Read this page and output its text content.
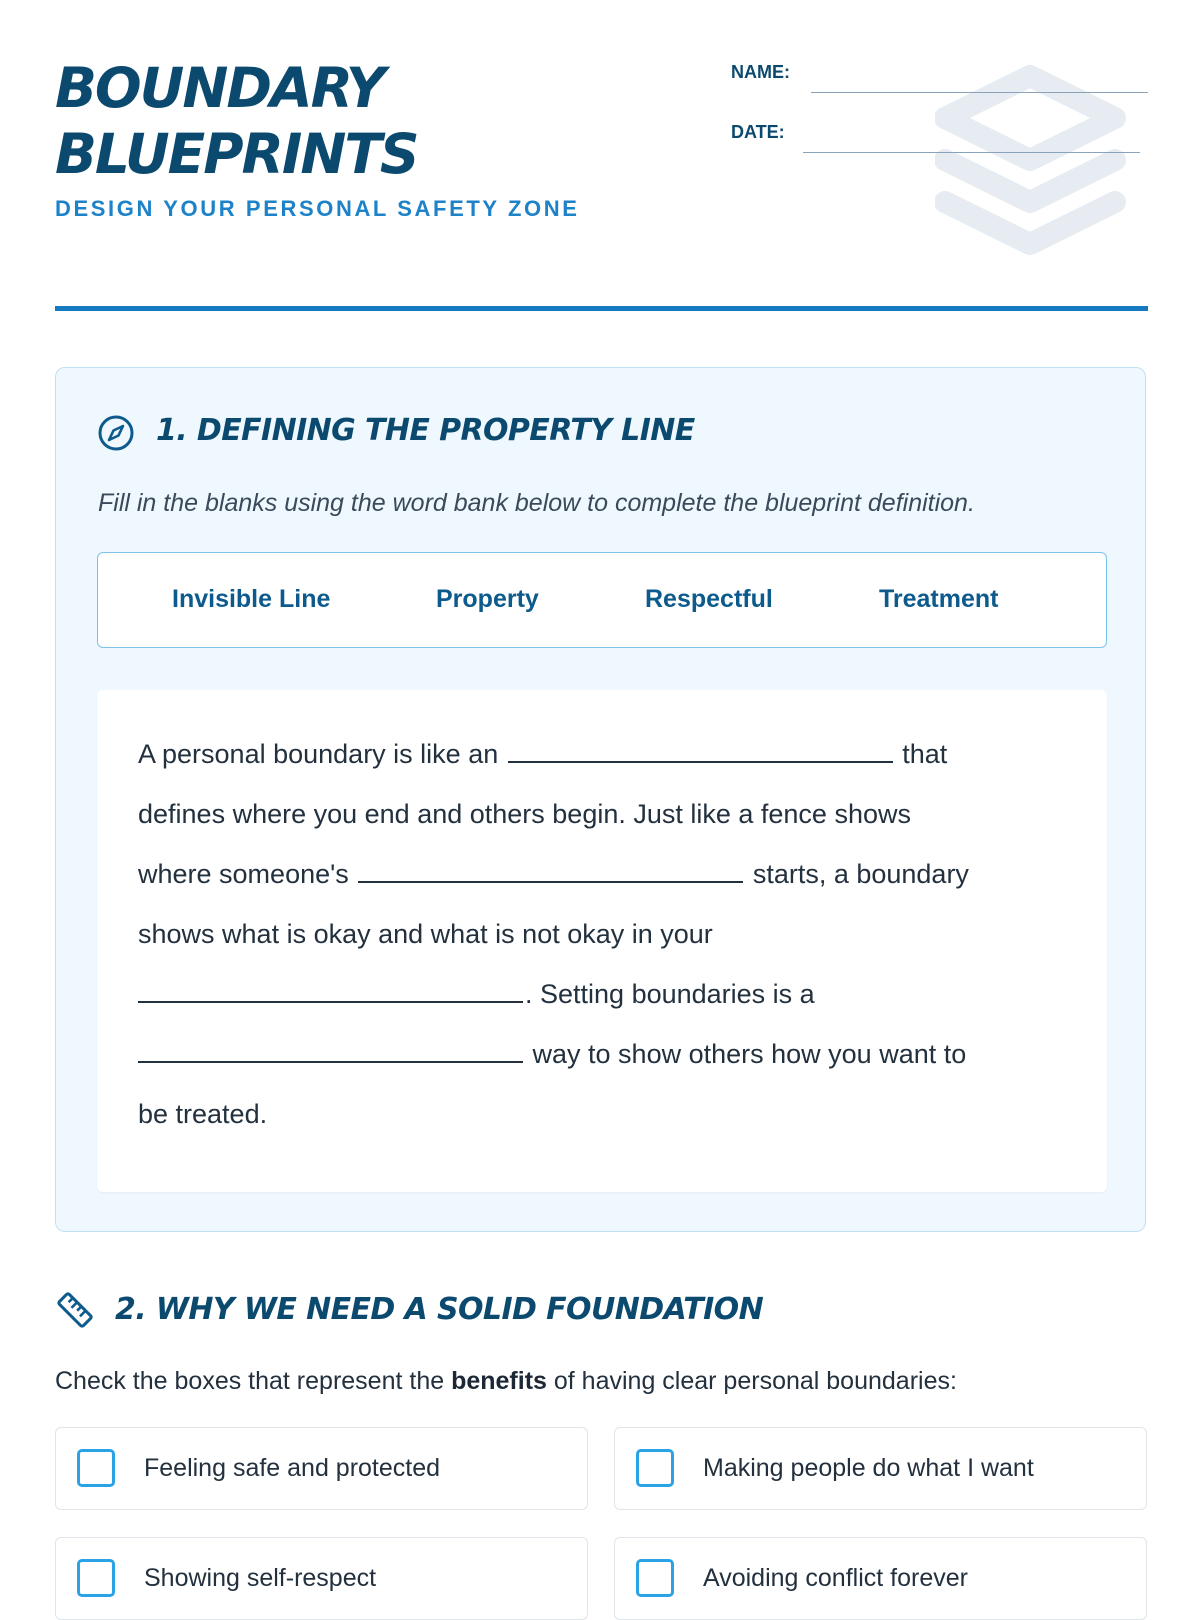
BOUNDARY
BLUEPRINTS
DESIGN YOUR PERSONAL SAFETY ZONE
NAME:
DATE:
1. DEFINING THE PROPERTY LINE
Fill in the blanks using the word bank below to complete the blueprint definition.
Invisible Line	Property	Respectful	Treatment
A personal boundary is like an	that
defines where you end and others begin. Just like a fence shows
where someone's	starts, a boundary
shows what is okay and what is not okay in your
. Setting boundaries is a
way to show others how you want to
be treated.
2. WHY WE NEED A SOLID FOUNDATION
Check the boxes that represent the benefits of having clear personal boundaries:
Feeling safe and protected	Making people do what I want
Showing self-respect	Avoiding conflict forever
